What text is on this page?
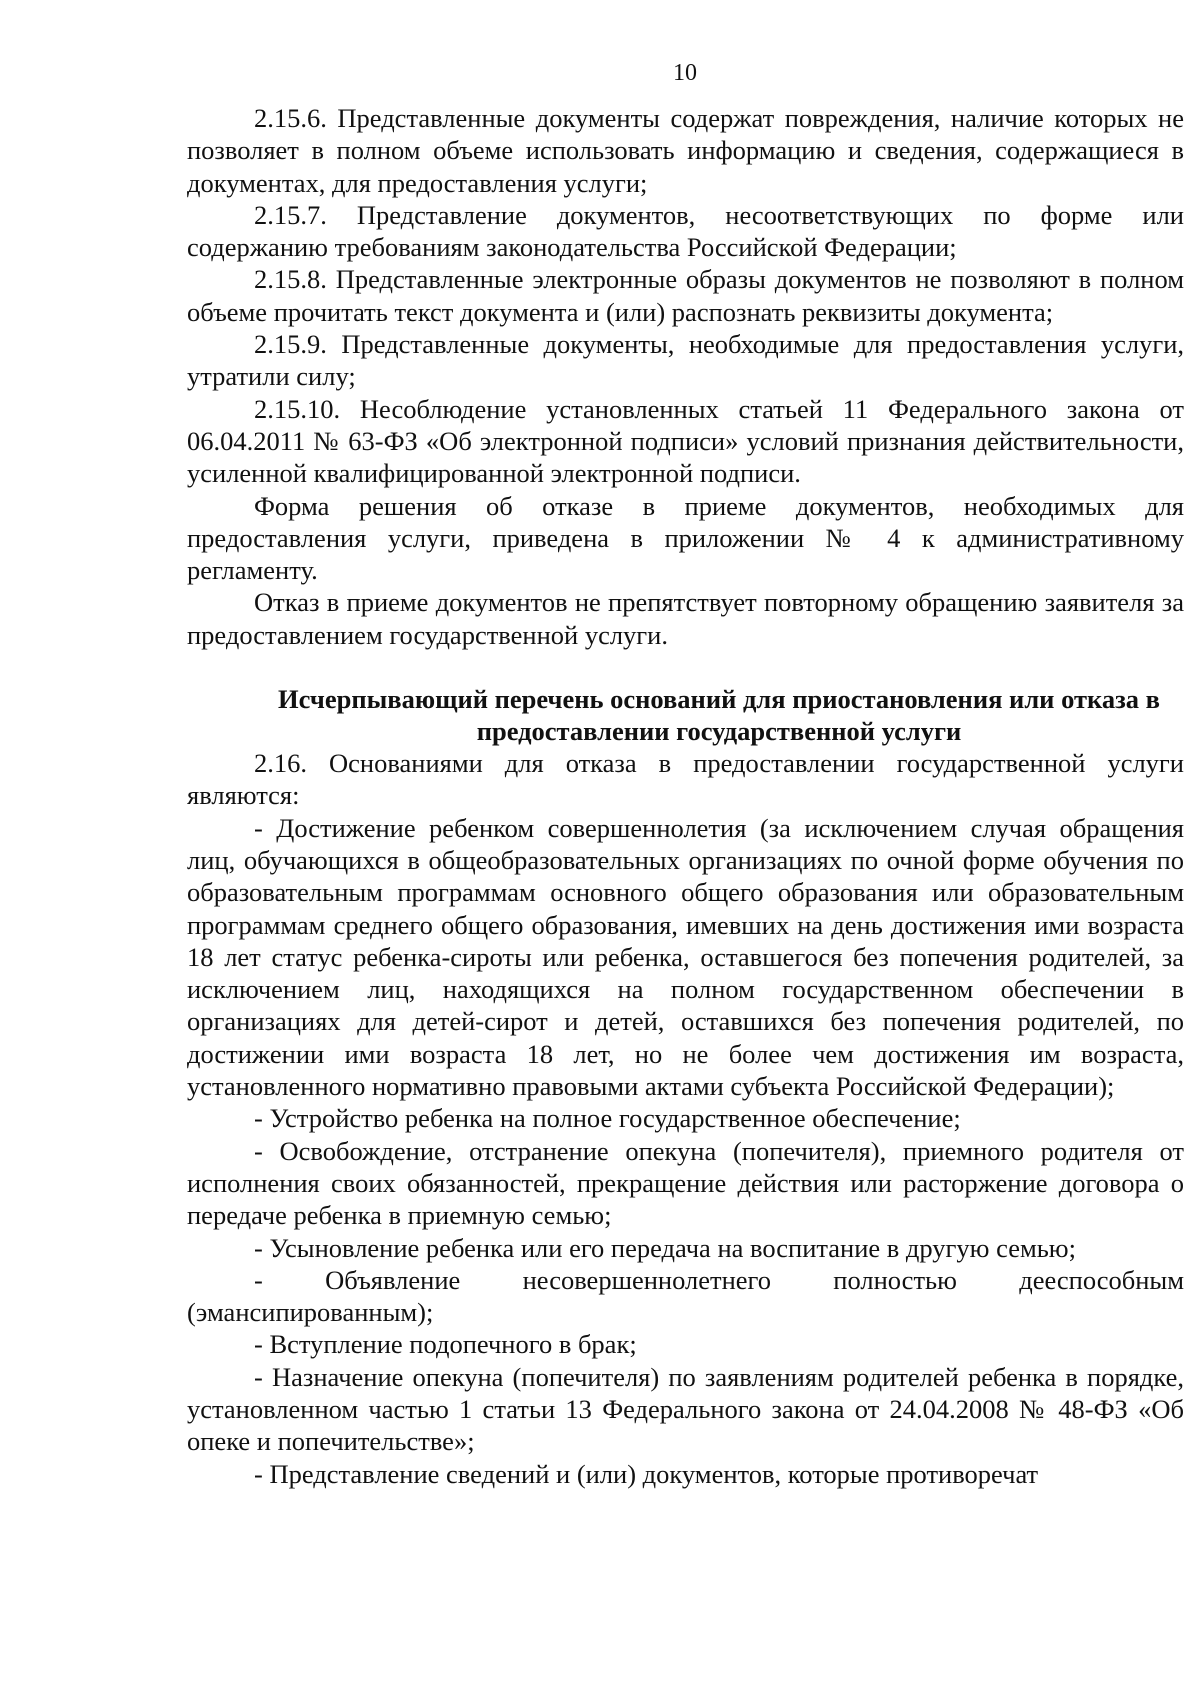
10

2.15.6. Представленные документы содержат повреждения, наличие которых не позволяет в полном объеме использовать информацию и сведения, содержащиеся в документах, для предоставления услуги;

2.15.7. Представление документов, несоответствующих по форме или содержанию требованиям законодательства Российской Федерации;

2.15.8. Представленные электронные образы документов не позволяют в полном объеме прочитать текст документа и (или) распознать реквизиты документа;

2.15.9. Представленные документы, необходимые для предоставления услуги, утратили силу;

2.15.10. Несоблюдение установленных статьей 11 Федерального закона от 06.04.2011 № 63-ФЗ «Об электронной подписи» условий признания действительности, усиленной квалифицированной электронной подписи.

Форма решения об отказе в приеме документов, необходимых для предоставления услуги, приведена в приложении № 4 к административному регламенту.

Отказ в приеме документов не препятствует повторному обращению заявителя за предоставлением государственной услуги.

Исчерпывающий перечень оснований для приостановления или отказа в предоставлении государственной услуги

2.16. Основаниями для отказа в предоставлении государственной услуги являются:

- Достижение ребенком совершеннолетия (за исключением случая обращения лиц, обучающихся в общеобразовательных организациях по очной форме обучения по образовательным программам основного общего образования или образовательным программам среднего общего образования, имевших на день достижения ими возраста 18 лет статус ребенка-сироты или ребенка, оставшегося без попечения родителей, за исключением лиц, находящихся на полном государственном обеспечении в организациях для детей-сирот и детей, оставшихся без попечения родителей, по достижении ими возраста 18 лет, но не более чем достижения им возраста, установленного нормативно правовыми актами субъекта Российской Федерации);

- Устройство ребенка на полное государственное обеспечение;

- Освобождение, отстранение опекуна (попечителя), приемного родителя от исполнения своих обязанностей, прекращение действия или расторжение договора о передаче ребенка в приемную семью;

- Усыновление ребенка или его передача на воспитание в другую семью;

- Объявление несовершеннолетнего полностью дееспособным (эмансипированным);

- Вступление подопечного в брак;

- Назначение опекуна (попечителя) по заявлениям родителей ребенка в порядке, установленном частью 1 статьи 13 Федерального закона от 24.04.2008 № 48-ФЗ «Об опеке и попечительстве»;

- Представление сведений и (или) документов, которые противоречат
